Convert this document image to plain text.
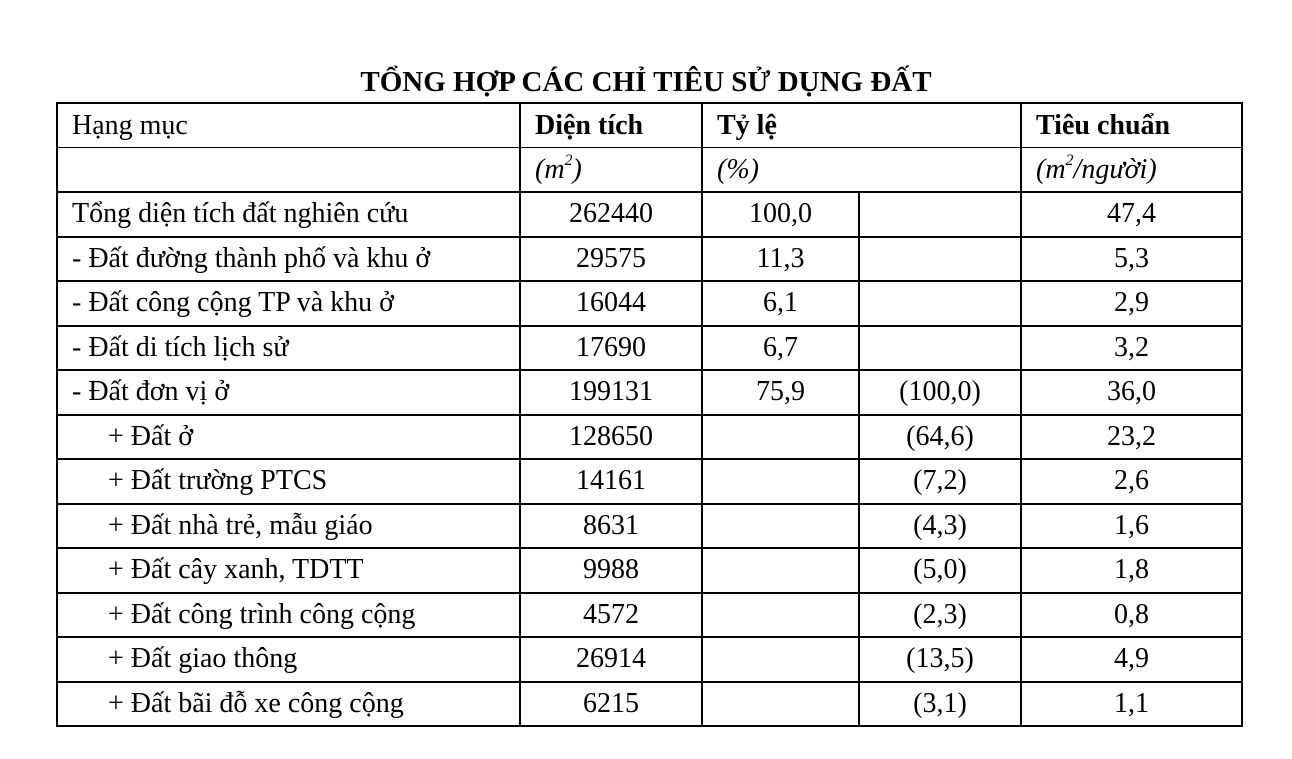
TỔNG HỢP CÁC CHỈ TIÊU SỬ DỤNG ĐẤT
Hạng mục	Diện tích	Tỷ lệ		Tiêu chuẩn
	$(m^2)$	(%)		$(m^2/người)$
Tổng diện tích đất nghiên cứu	262440	100,0		47,4
- Đất đường thành phố và khu ở	29575	11,3		5,3
- Đất công cộng TP và khu ở	16044	6,1		2,9
- Đất di tích lịch sử	17690	6,7		3,2
- Đất đơn vị ở	199131	75,9	(100,0)	36,0
+ Đất ở	128650		(64,6)	23,2
+ Đất trường PTCS	14161		(7,2)	2,6
+ Đất nhà trẻ, mẫu giáo	8631		(4,3)	1,6
+ Đất cây xanh, TDTT	9988		(5,0)	1,8
+ Đất công trình công cộng	4572		(2,3)	0,8
+ Đất giao thông	26914		(13,5)	4,9
+ Đất bãi đỗ xe công cộng	6215		(3,1)	1,1
